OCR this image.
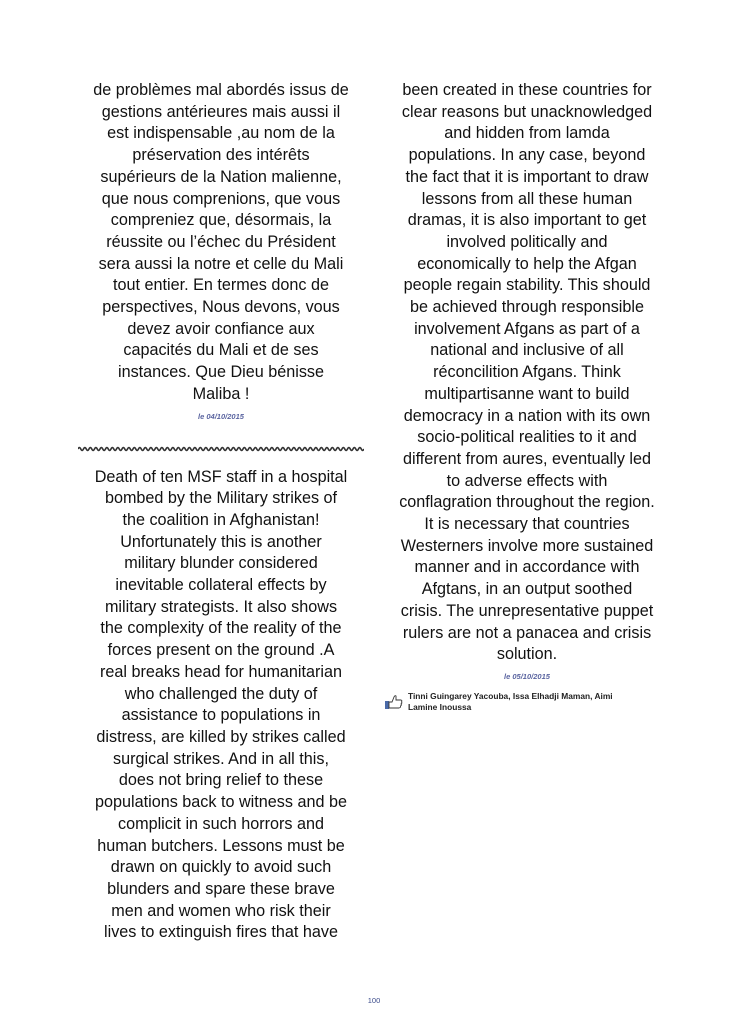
de problèmes mal abordés issus de
gestions antérieures mais aussi il
est indispensable ,au nom de la
préservation des intérêts
supérieurs de la Nation malienne,
que nous comprenions, que vous
compreniez que, désormais, la
réussite ou l’échec du Président
sera aussi la notre et celle du Mali
tout entier. En termes donc de
perspectives, Nous devons, vous
devez avoir confiance aux
capacités du Mali et de ses
instances. Que Dieu bénisse
Maliba !

le 04/10/2015

Death of ten MSF staff in a hospital
bombed by the Military strikes of
the coalition in Afghanistan!
Unfortunately this is another
military blunder considered
inevitable collateral effects by
military strategists. It also shows
the complexity of the reality of the
forces present on the ground .A
real breaks head for humanitarian
who challenged the duty of
assistance to populations in
distress, are killed by strikes called
surgical strikes. And in all this,
does not bring relief to these
populations back to witness and be
complicit in such horrors and
human butchers. Lessons must be
drawn on quickly to avoid such
blunders and spare these brave
men and women who risk their
lives to extinguish fires that have

been created in these countries for
clear reasons but unacknowledged
and hidden from lamda
populations. In any case, beyond
the fact that it is important to draw
lessons from all these human
dramas, it is also important to get
involved politically and
economically to help the Afgan
people regain stability. This should
be achieved through responsible
involvement Afgans as part of a
national and inclusive of all
réconcilition Afgans. Think
multipartisanne want to build
democracy in a nation with its own
socio-political realities to it and
different from aures, eventually led
to adverse effects with
conflagration throughout the region.
It is necessary that countries
Westerners involve more sustained
manner and in accordance with
Afgtans, in an output soothed
crisis. The unrepresentative puppet
rulers are not a panacea and crisis
solution.

le 05/10/2015

Tinni Guingarey Yacouba, Issa Elhadji Maman, Aimi
Lamine Inoussa

100
